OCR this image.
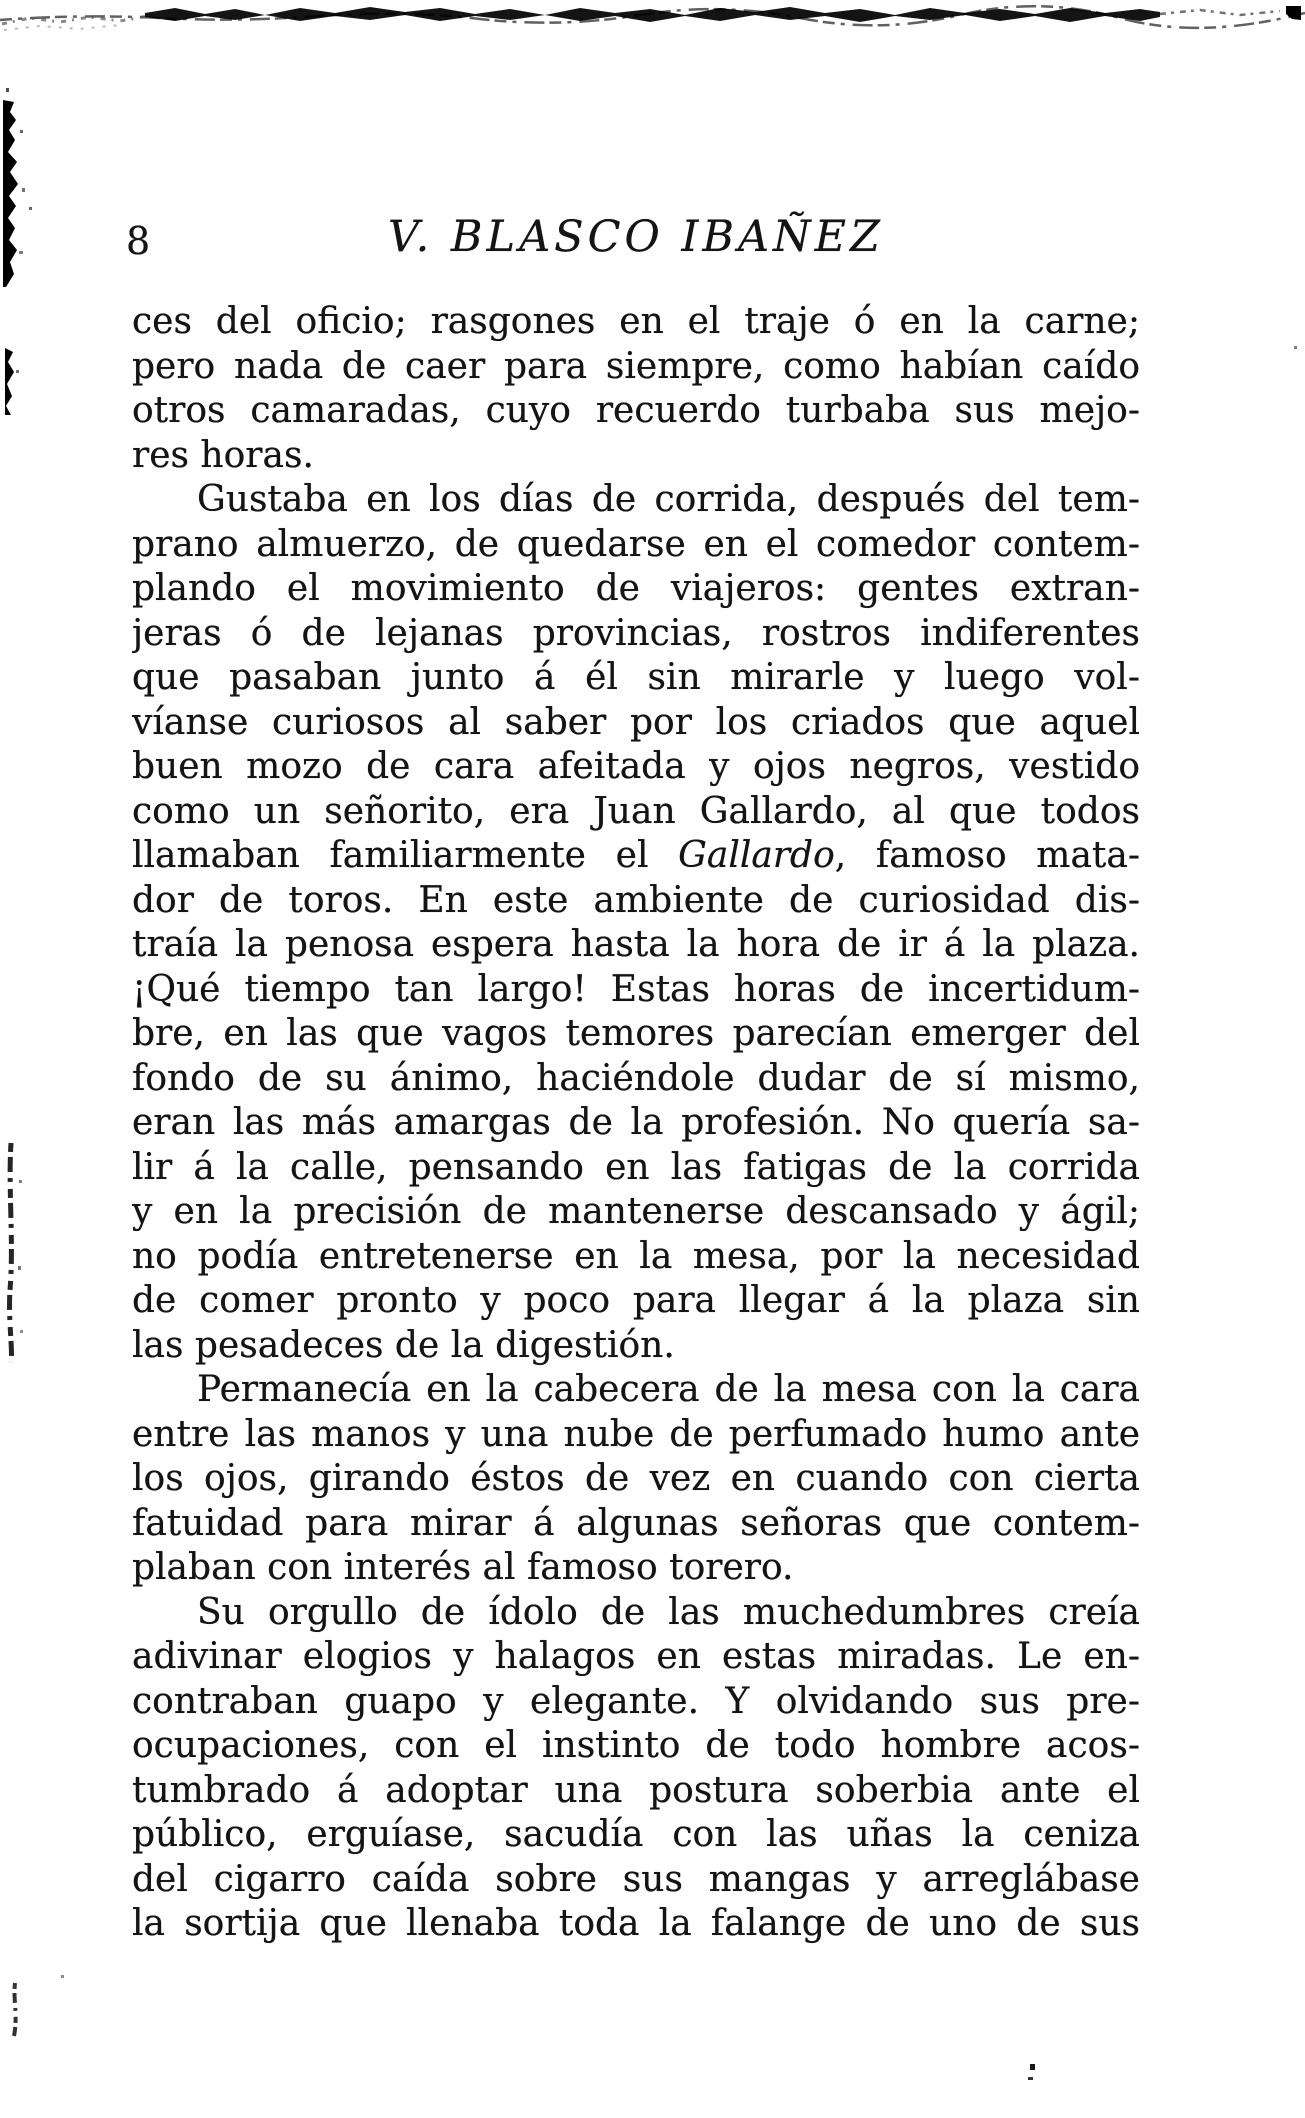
8	V. BLASCO IBAÑEZ
ces del oficio; rasgones en el traje ó en la carne;
pero nada de caer para siempre, como habían caído
otros camaradas, cuyo recuerdo turbaba sus mejo-
res horas.
Gustaba en los días de corrida, después del tem-
prano almuerzo, de quedarse en el comedor contem-
plando el movimiento de viajeros: gentes extran-
jeras ó de lejanas provincias, rostros indiferentes
que pasaban junto á él sin mirarle y luego vol-
víanse curiosos al saber por los criados que aquel
buen mozo de cara afeitada y ojos negros, vestido
como un señorito, era Juan Gallardo, al que todos
llamaban familiarmente el Gallardo, famoso mata-
dor de toros. En este ambiente de curiosidad dis-
traía la penosa espera hasta la hora de ir á la plaza.
¡Qué tiempo tan largo! Estas horas de incertidum-
bre, en las que vagos temores parecían emerger del
fondo de su ánimo, haciéndole dudar de sí mismo,
eran las más amargas de la profesión. No quería sa-
lir á la calle, pensando en las fatigas de la corrida
y en la precisión de mantenerse descansado y ágil;
no podía entretenerse en la mesa, por la necesidad
de comer pronto y poco para llegar á la plaza sin
las pesadeces de la digestión.
Permanecía en la cabecera de la mesa con la cara
entre las manos y una nube de perfumado humo ante
los ojos, girando éstos de vez en cuando con cierta
fatuidad para mirar á algunas señoras que contem-
plaban con interés al famoso torero.
Su orgullo de ídolo de las muchedumbres creía
adivinar elogios y halagos en estas miradas. Le en-
contraban guapo y elegante. Y olvidando sus pre-
ocupaciones, con el instinto de todo hombre acos-
tumbrado á adoptar una postura soberbia ante el
público, erguíase, sacudía con las uñas la ceniza
del cigarro caída sobre sus mangas y arreglábase
la sortija que llenaba toda la falange de uno de sus
